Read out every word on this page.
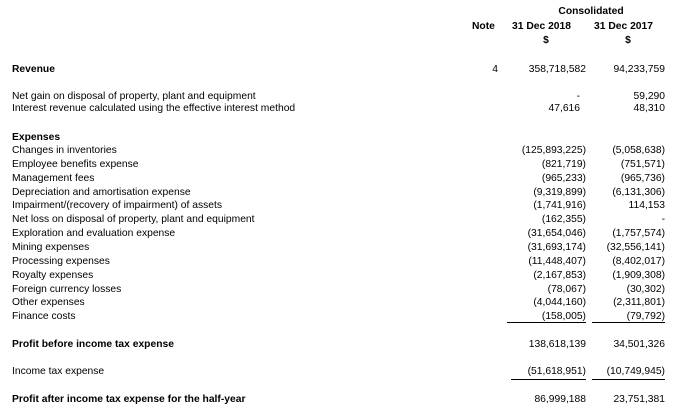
Consolidated
Note 31 Dec 2018 31 Dec 2017
$	$
Revenue	4	358,718,582	94,233,759
Net gain on disposal of property, plant and equipment	-	59,290
Interest revenue calculated using the effective interest method	47,616	48,310
Expenses
Changes in inventories	(125,893,225)	(5,058,638)
Employee benefits expense	(821,719)	(751,571)
Management fees	(965,233)	(965,736)
Depreciation and amortisation expense	(9,319,899)	(6,131,306)
Impairment/(recovery of impairment) of assets	(1,741,916)	114,153
Net loss on disposal of property, plant and equipment	(162,355)	-
Exploration and evaluation expense	(31,654,046)	(1,757,574)
Mining expenses	(31,693,174)	(32,556,141)
Processing expenses	(11,448,407)	(8,402,017)
Royalty expenses	(2,167,853)	(1,909,308)
Foreign currency losses	(78,067)	(30,302)
Other expenses	(4,044,160)	(2,311,801)
Finance costs	(158,005)	(79,792)
Profit before income tax expense	138,618,139	34,501,326
Income tax expense	(51,618,951)	(10,749,945)
Profit after income tax expense for the half-year	86,999,188	23,751,381
